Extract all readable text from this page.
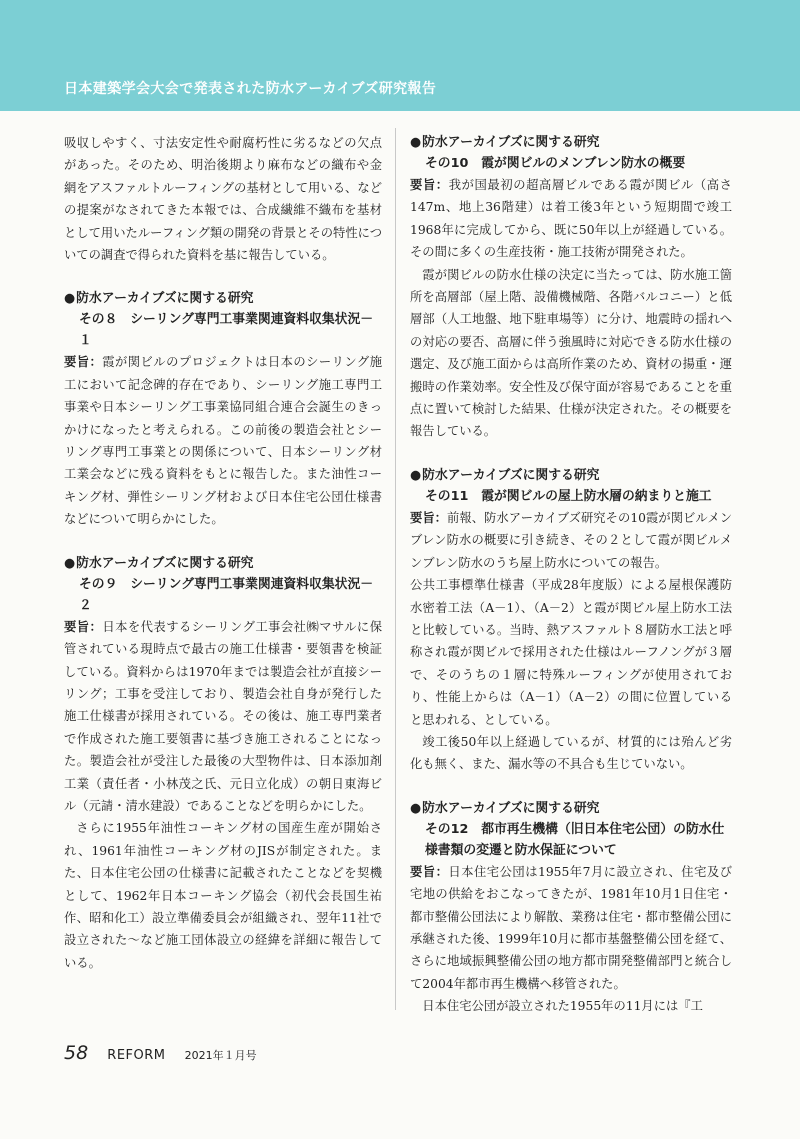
日本建築学会大会で発表された防水アーカイブズ研究報告

吸収しやすく、寸法安定性や耐腐朽性に劣るなどの欠点があった。そのため、明治後期より麻布などの織布や金網をアスファルトルーフィングの基材として用いる、などの提案がなされてきた本報では、合成繊維不織布を基材として用いたルーフィング類の開発の背景とその特性についての調査で得られた資料を基に報告している。

●防水アーカイブズに関する研究
その８　シーリング専門工事業関連資料収集状況－１

要旨：霞が関ビルのプロジェクトは日本のシーリング施工において記念碑的存在であり、シーリング施工専門工事業や日本シーリング工事業協同組合連合会誕生のきっかけになったと考えられる。この前後の製造会社とシーリング専門工事業との関係について、日本シーリング材工業会などに残る資料をもとに報告した。また油性コーキング材、弾性シーリング材および日本住宅公団仕様書などについて明らかにした。

●防水アーカイブズに関する研究
その９　シーリング専門工事業関連資料収集状況－２

要旨：日本を代表するシーリング工事会社㈱マサルに保管されている現時点で最古の施工仕様書・要領書を検証している。資料からは1970年までは製造会社が直接シーリング；工事を受注しており、製造会社自身が発行した施工仕様書が採用されている。その後は、施工専門業者で作成された施工要領書に基づき施工されることになった。製造会社が受注した最後の大型物件は、日本添加剤工業（責任者・小林茂之氏、元日立化成）の朝日東海ビル（元請・清水建設）であることなどを明らかにした。

さらに1955年油性コーキング材の国産生産が開始され、1961年油性コーキング材のJISが制定された。また、日本住宅公団の仕様書に記載されたことなどを契機として、1962年日本コーキング協会（初代会長国生祐作、昭和化工）設立準備委員会が組織され、翌年11社で設立された～など施工団体設立の経緯を詳細に報告している。

●防水アーカイブズに関する研究
その10　霞が関ビルのメンブレン防水の概要

要旨：我が国最初の超高層ビルである霞が関ビル（高さ147m、地上36階建）は着工後3年という短期間で竣工1968年に完成してから、既に50年以上が経過している。その間に多くの生産技術・施工技術が開発された。

霞が関ビルの防水仕様の決定に当たっては、防水施工箇所を高層部（屋上階、設備機械階、各階バルコニー）と低層部（人工地盤、地下駐車場等）に分け、地震時の揺れへの対応の要否、高層に伴う強風時に対応できる防水仕様の選定、及び施工面からは高所作業のため、資材の揚重・運搬時の作業効率。安全性及び保守面が容易であることを重点に置いて検討した結果、仕様が決定された。その概要を報告している。

●防水アーカイブズに関する研究
その11　霞が関ビルの屋上防水層の納まりと施工

要旨：前報、防水アーカイブズ研究その10霞が関ビルメンブレン防水の概要に引き続き、その２として霞が関ビルメンブレン防水のうち屋上防水についての報告。

公共工事標準仕様書（平成28年度版）による屋根保護防水密着工法（A－1）、（A－2）と霞が関ビル屋上防水工法と比較している。当時、熱アスファルト８層防水工法と呼称され霞が関ビルで採用された仕様はルーフノングが３層で、そのうちの１層に特殊ルーフィングが使用されており、性能上からは（A－1）（A－2）の間に位置していると思われる、としている。

竣工後50年以上経過しているが、材質的には殆んど劣化も無く、また、漏水等の不具合も生じていない。

●防水アーカイブズに関する研究
その12　都市再生機構（旧日本住宅公団）の防水仕様書類の変遷と防水保証について

要旨：日本住宅公団は1955年7月に設立され、住宅及び宅地の供給をおこなってきたが、1981年10月1日住宅・都市整備公団法により解散、業務は住宅・都市整備公団に承継された後、1999年10月に都市基盤整備公団を経て、さらに地域振興整備公団の地方都市開発整備部門と統合して2004年都市再生機構へ移管された。

日本住宅公団が設立された1955年の11月には『工

58 REFORM 2021年１月号
